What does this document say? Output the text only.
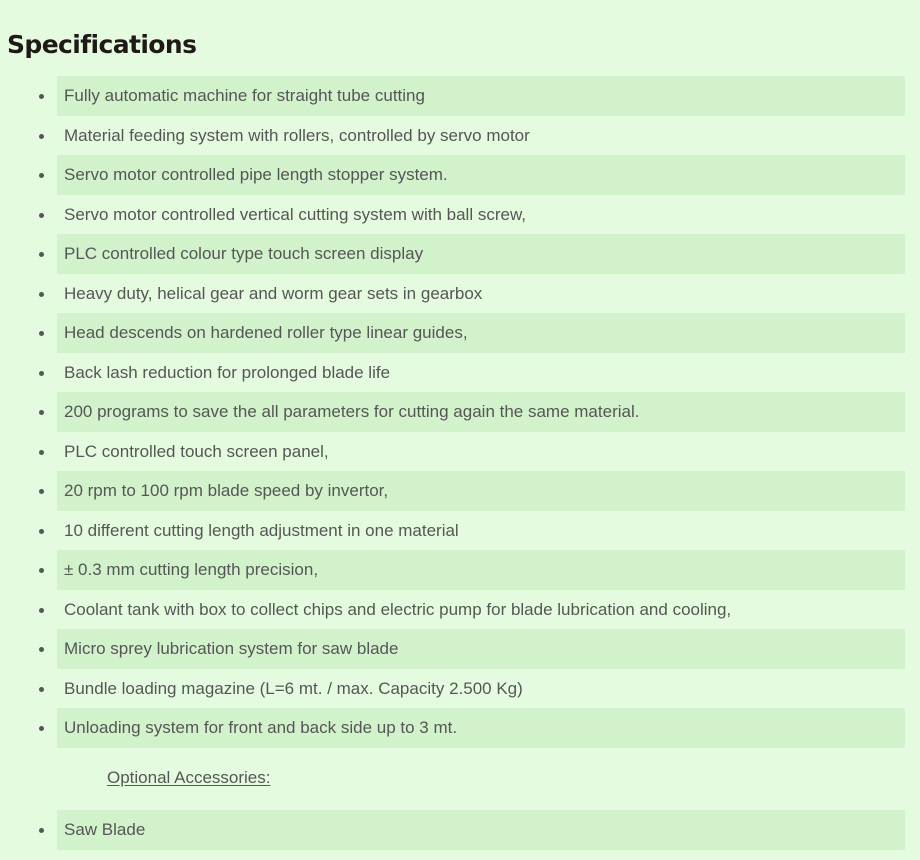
Specifications
Fully automatic machine for straight tube cutting
Material feeding system with rollers, controlled by servo motor
Servo motor controlled pipe length stopper system.
Servo motor controlled vertical cutting system with ball screw,
PLC controlled colour type touch screen display
Heavy duty, helical gear and worm gear sets in gearbox
Head descends on hardened roller type linear guides,
Back lash reduction for prolonged blade life
200 programs to save the all parameters for cutting again the same material.
PLC controlled touch screen panel,
20 rpm to 100 rpm blade speed by invertor,
10 different cutting length adjustment in one material
± 0.3 mm cutting length precision,
Coolant tank with box to collect chips and electric pump for blade lubrication and cooling,
Micro sprey lubrication system for saw blade
Bundle loading magazine (L=6 mt. / max. Capacity 2.500 Kg)
Unloading system for front and back side up to 3 mt.
Optional Accessories:
Saw Blade
